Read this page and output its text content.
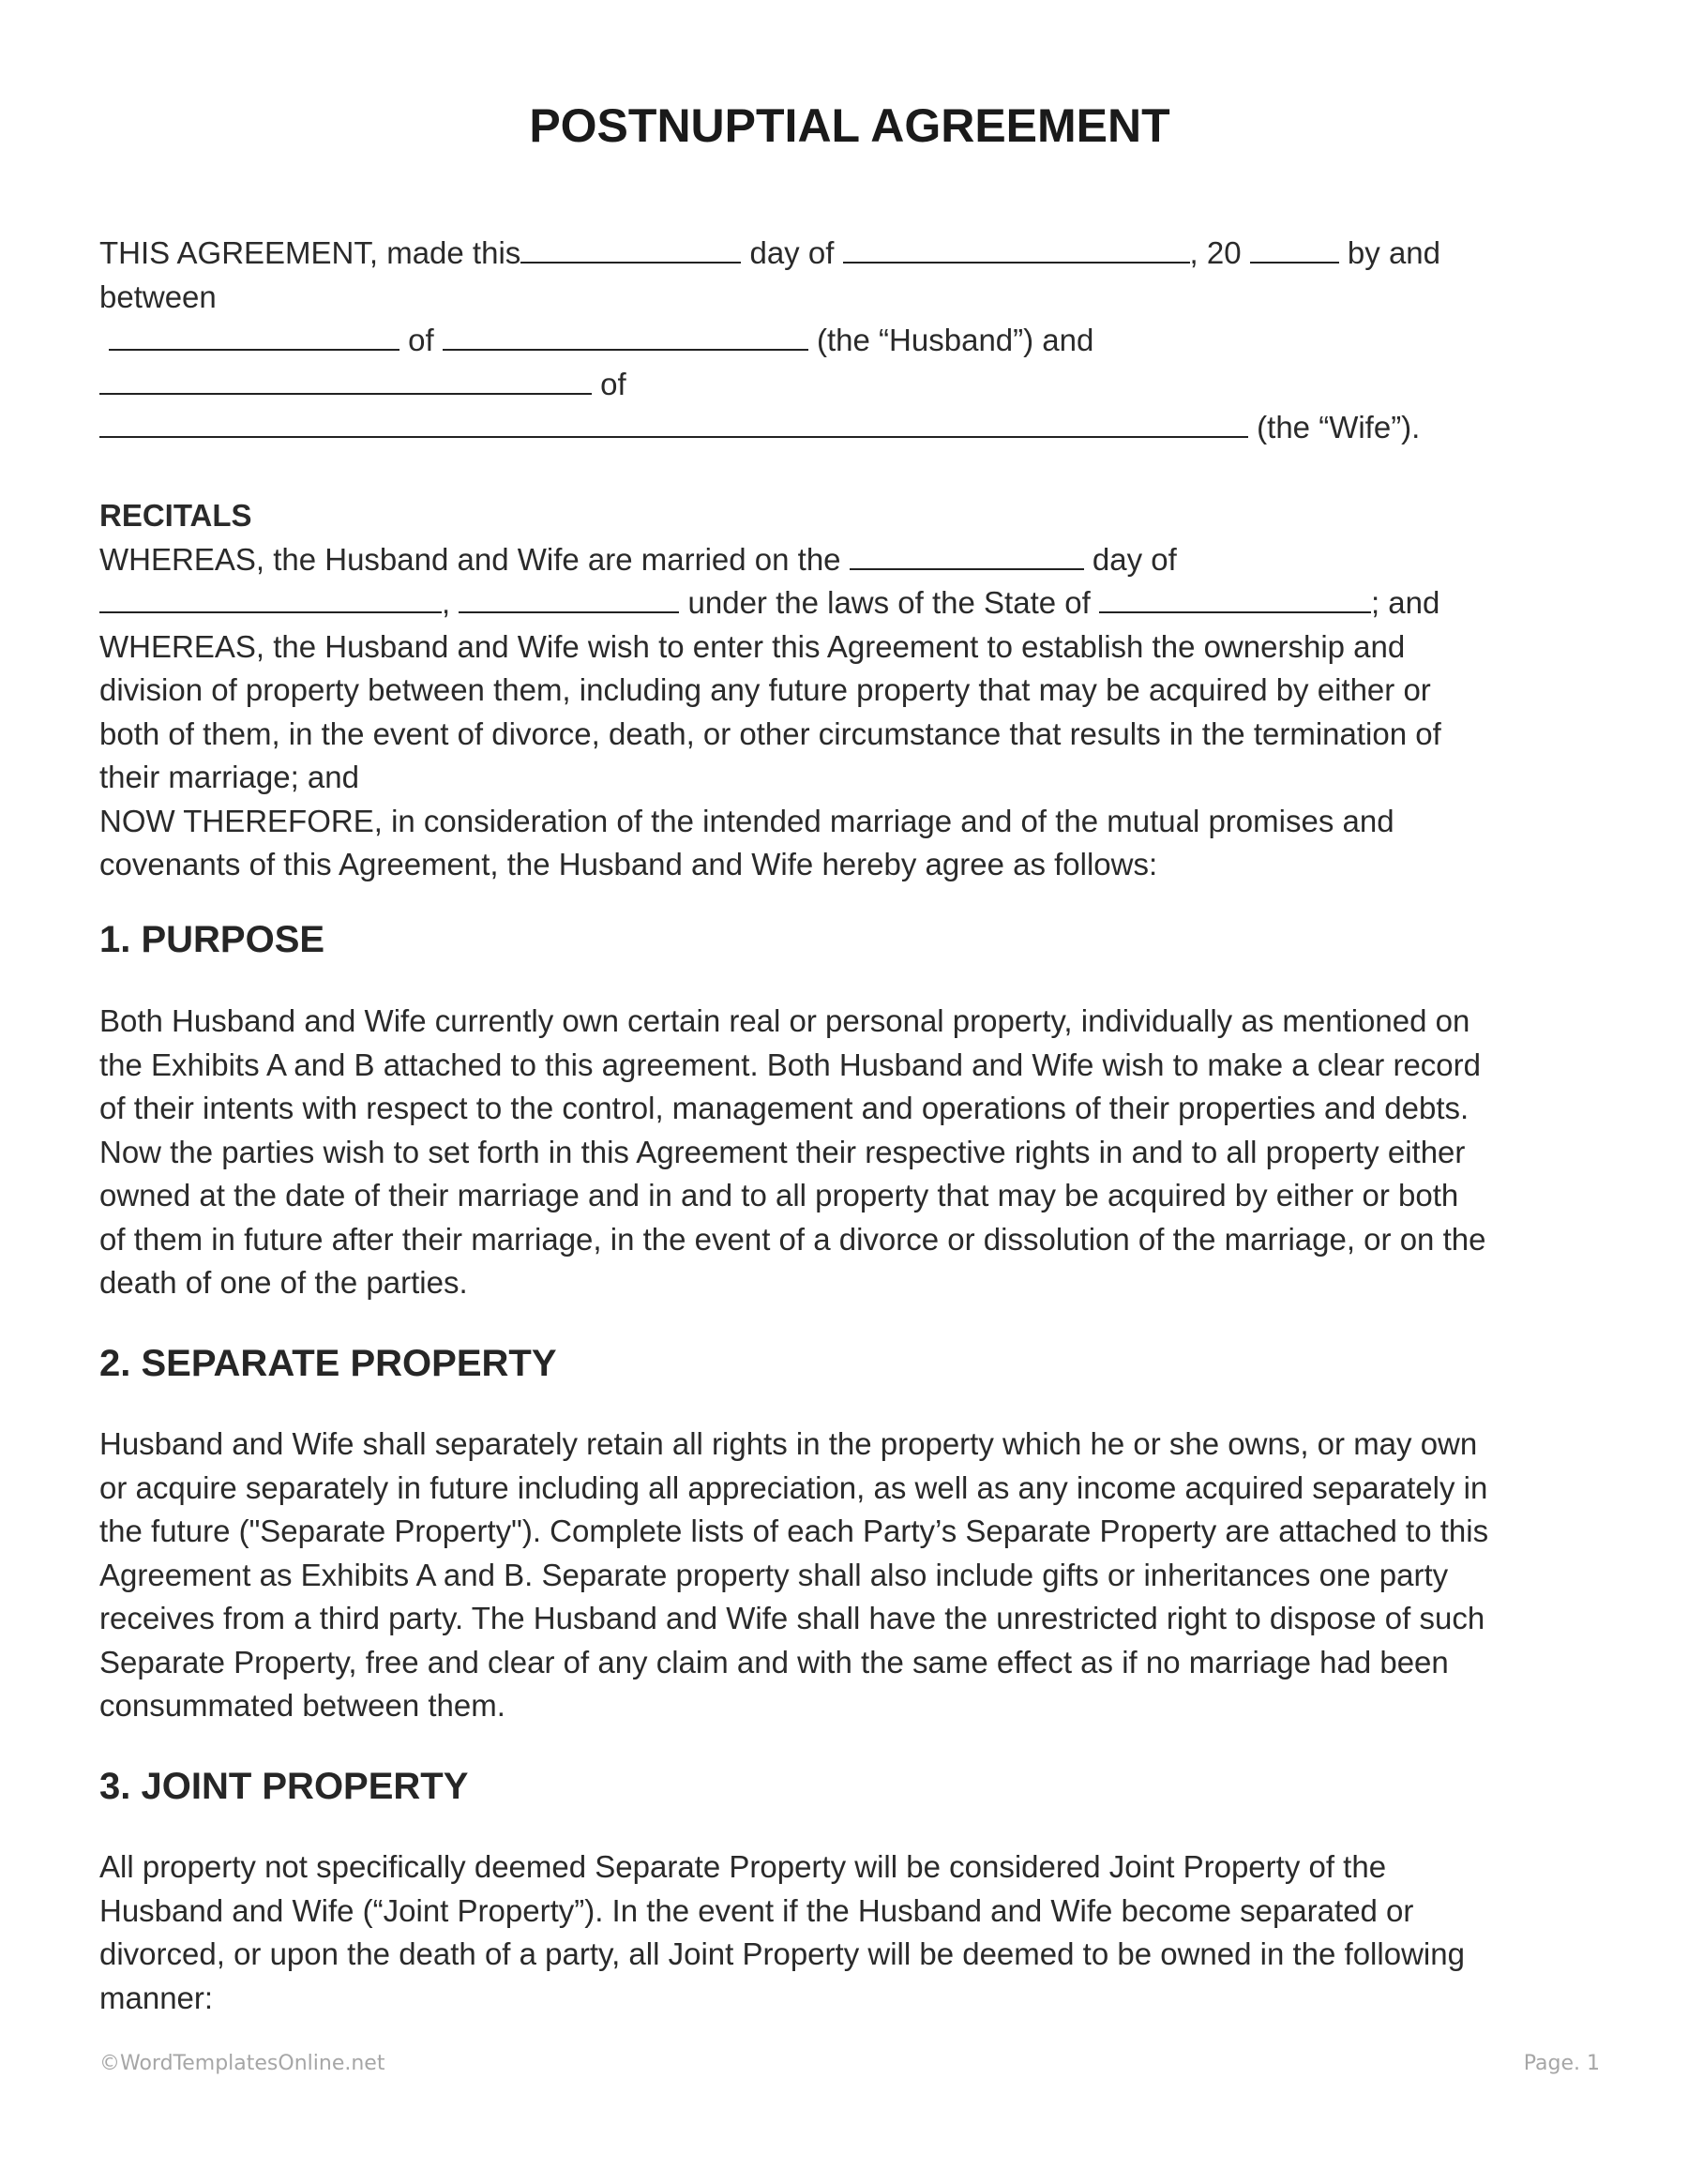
POSTNUPTIAL AGREEMENT
THIS AGREEMENT, made this	day of	, 20	by and
between
of	(the “Husband”) and
of
(the “Wife”).
RECITALS
WHEREAS, the Husband and Wife are married on the	day of
,	under the laws of the State of	; and
WHEREAS, the Husband and Wife wish to enter this Agreement to establish the ownership and
division of property between them, including any future property that may be acquired by either or
both of them, in the event of divorce, death, or other circumstance that results in the termination of
their marriage; and
NOW THEREFORE, in consideration of the intended marriage and of the mutual promises and
covenants of this Agreement, the Husband and Wife hereby agree as follows:
1. PURPOSE
Both Husband and Wife currently own certain real or personal property, individually as mentioned on
the Exhibits A and B attached to this agreement. Both Husband and Wife wish to make a clear record
of their intents with respect to the control, management and operations of their properties and debts.
Now the parties wish to set forth in this Agreement their respective rights in and to all property either
owned at the date of their marriage and in and to all property that may be acquired by either or both
of them in future after their marriage, in the event of a divorce or dissolution of the marriage, or on the
death of one of the parties.
2. SEPARATE PROPERTY
Husband and Wife shall separately retain all rights in the property which he or she owns, or may own
or acquire separately in future including all appreciation, as well as any income acquired separately in
the future ("Separate Property"). Complete lists of each Party’s Separate Property are attached to this
Agreement as Exhibits A and B. Separate property shall also include gifts or inheritances one party
receives from a third party. The Husband and Wife shall have the unrestricted right to dispose of such
Separate Property, free and clear of any claim and with the same effect as if no marriage had been
consummated between them.
3. JOINT PROPERTY
All property not specifically deemed Separate Property will be considered Joint Property of the
Husband and Wife (“Joint Property”). In the event if the Husband and Wife become separated or
divorced, or upon the death of a party, all Joint Property will be deemed to be owned in the following
manner:
©WordTemplatesOnline.net	Page. 1
